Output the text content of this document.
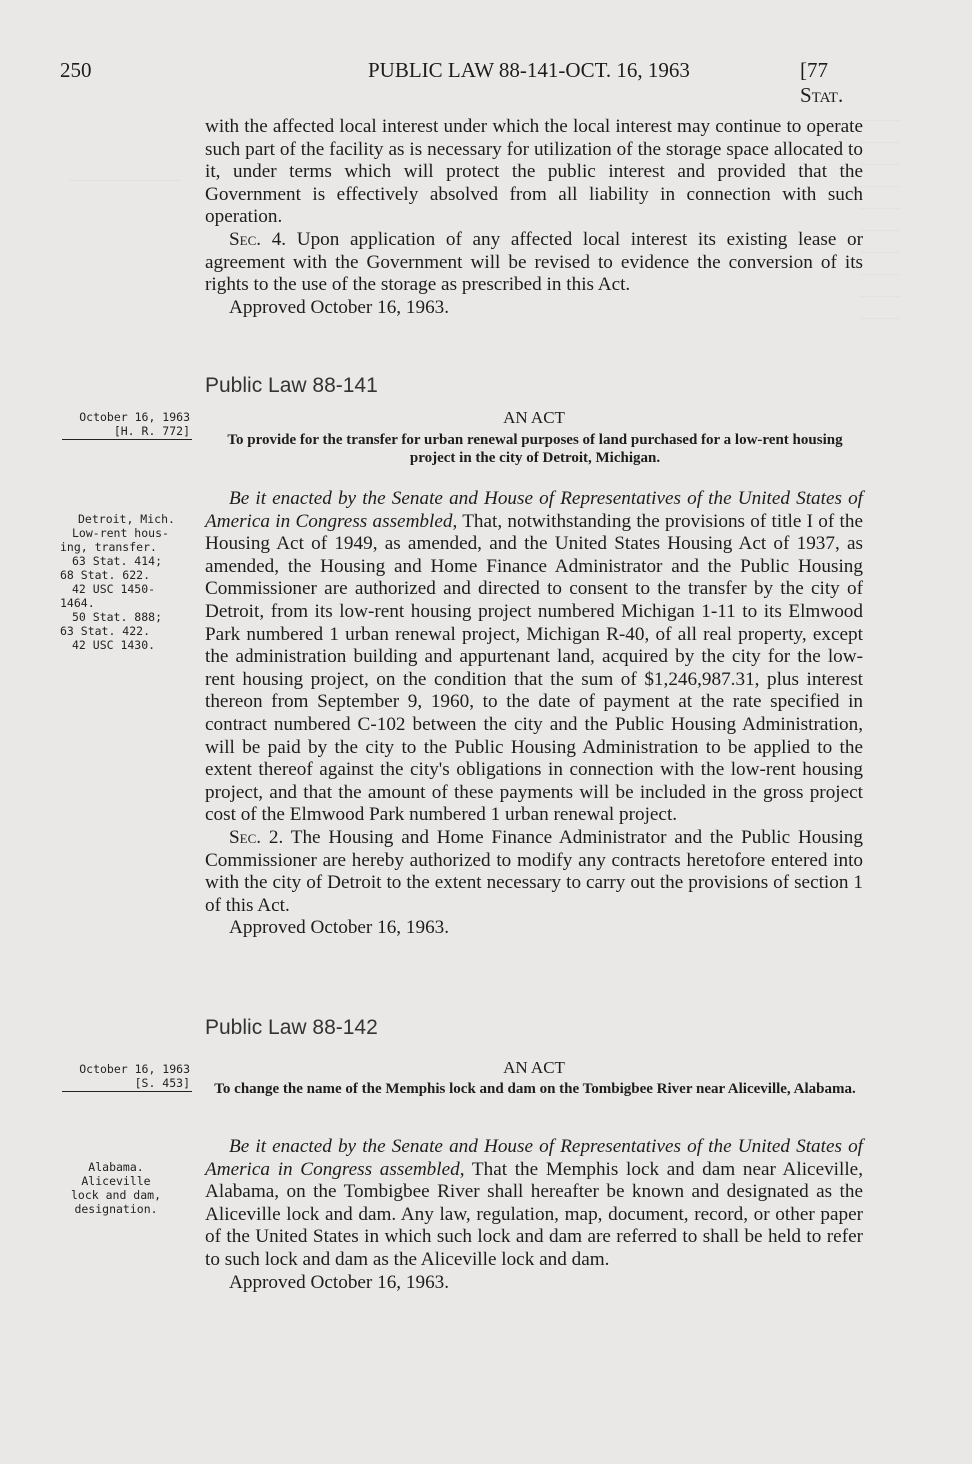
250	PUBLIC LAW 88-141-OCT. 16, 1963	[77 Stat.

with the affected local interest under which the local interest may continue to operate such part of the facility as is necessary for utilization of the storage space allocated to it, under terms which will protect the public interest and provided that the Government is effectively absolved from all liability in connection with such operation.

Sec. 4. Upon application of any affected local interest its existing lease or agreement with the Government will be revised to evidence the conversion of its rights to the use of the storage as prescribed in this Act.

Approved October 16, 1963.

Public Law 88-141
October 16, 1963
[H. R. 772]
AN ACT
To provide for the transfer for urban renewal purposes of land purchased for a low-rent housing project in the city of Detroit, Michigan.

Be it enacted by the Senate and House of Representatives of the United States of America in Congress assembled, That, notwithstanding the provisions of title I of the Housing Act of 1949, as amended, and the United States Housing Act of 1937, as amended, the Housing and Home Finance Administrator and the Public Housing Commissioner are authorized and directed to consent to the transfer by the city of Detroit, from its low-rent housing project numbered Michigan 1-11 to its Elmwood Park numbered 1 urban renewal project, Michigan R-40, of all real property, except the administration building and appurtenant land, acquired by the city for the low-rent housing project, on the condition that the sum of $1,246,987.31, plus interest thereon from September 9, 1960, to the date of payment at the rate specified in contract numbered C-102 between the city and the Public Housing Administration, will be paid by the city to the Public Housing Administration to be applied to the extent thereof against the city's obligations in connection with the low-rent housing project, and that the amount of these payments will be included in the gross project cost of the Elmwood Park numbered 1 urban renewal project.

Sec. 2. The Housing and Home Finance Administrator and the Public Housing Commissioner are hereby authorized to modify any contracts heretofore entered into with the city of Detroit to the extent necessary to carry out the provisions of section 1 of this Act.

Approved October 16, 1963.

Detroit, Mich.
Low-rent hous-
ing, transfer.
63 Stat. 414;
68 Stat. 622.
42 USC 1450-
1464.
50 Stat. 888;
63 Stat. 422.
42 USC 1430.
Public Law 88-142
October 16, 1963
[S. 453]
AN ACT
To change the name of the Memphis lock and dam on the Tombigbee River near Aliceville, Alabama.

Be it enacted by the Senate and House of Representatives of the United States of America in Congress assembled, That the Memphis lock and dam near Aliceville, Alabama, on the Tombigbee River shall hereafter be known and designated as the Aliceville lock and dam. Any law, regulation, map, document, record, or other paper of the United States in which such lock and dam are referred to shall be held to refer to such lock and dam as the Aliceville lock and dam.

Approved October 16, 1963.

Alabama.
Aliceville
lock and dam,
designation.
